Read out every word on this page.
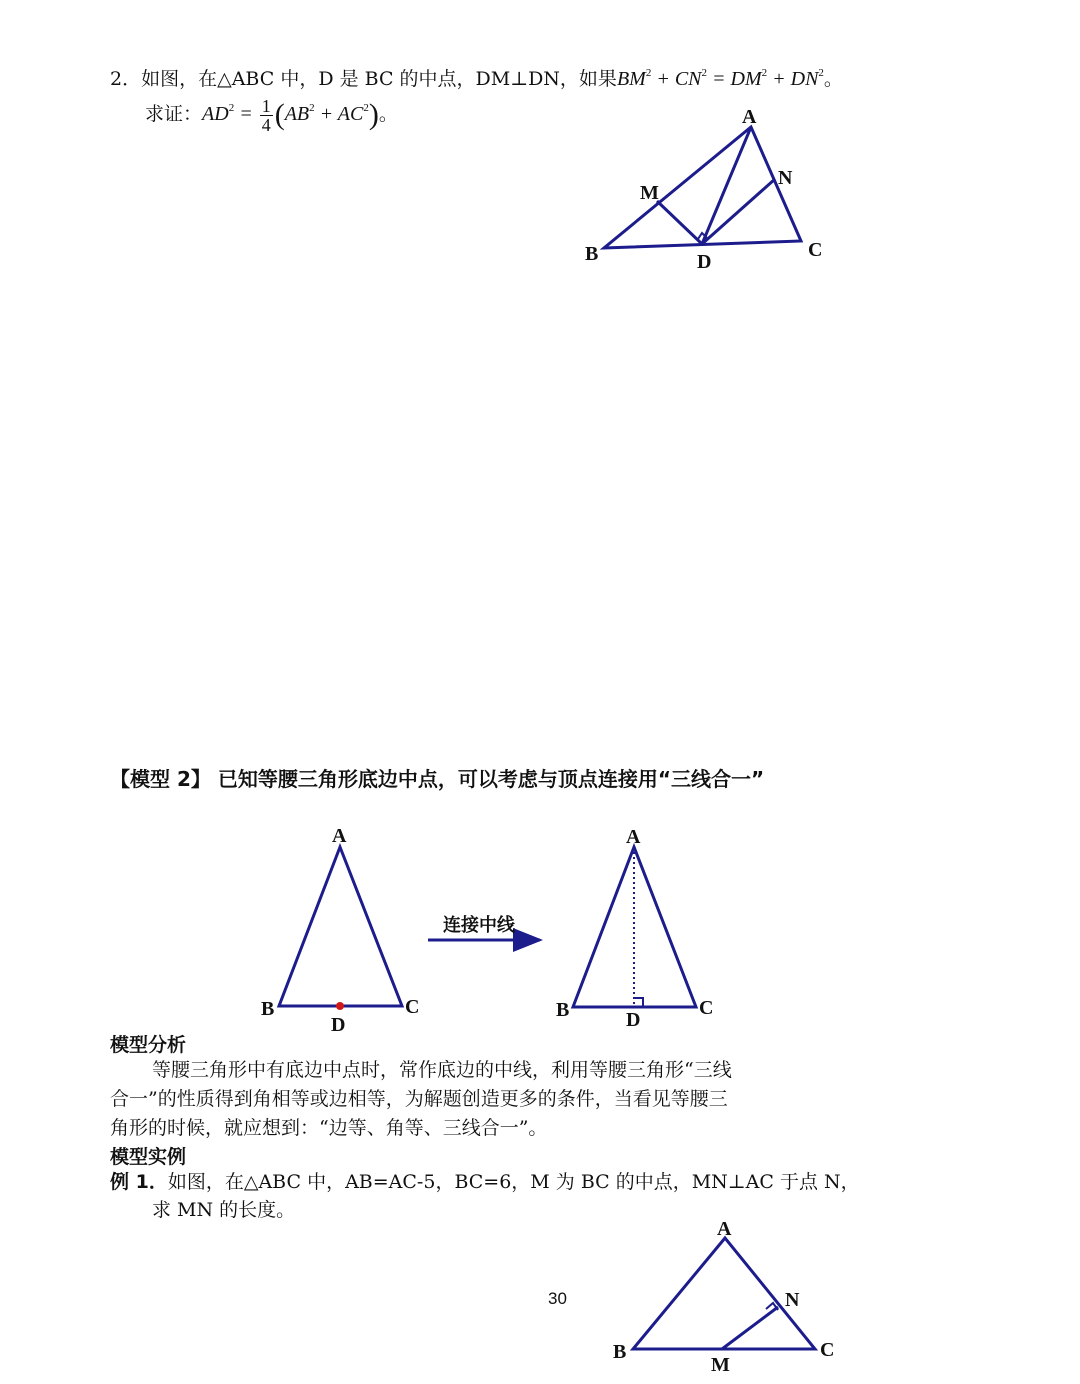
2．如图，在△ABC 中，D 是 BC 的中点，DM⊥DN，如果$BM^2 + CN^2 = DM^2 + DN^2$。
求证：$AD^2 = \frac{1}{4} (AB^2 + AC^2)$。
【模型 2】 已知等腰三角形底边中点，可以考虑与顶点连接用“三线合一”
模型分析
等腰三角形中有底边中点时，常作底边的中线，利用等腰三角形“三线
合一”的性质得到角相等或边相等，为解题创造更多的条件，当看见等腰三
角形的时候，就应想到：“边等、角等、三线合一”。
模型实例
例 1．如图，在△ABC 中，AB=AC-5，BC=6，M 为 BC 的中点，MN⊥AC 于点 N，
求 MN 的长度。
30
A
B	C
D
M
N
A
B	C
D
连接中线
A
B	C
D
A
B	C
M
N
